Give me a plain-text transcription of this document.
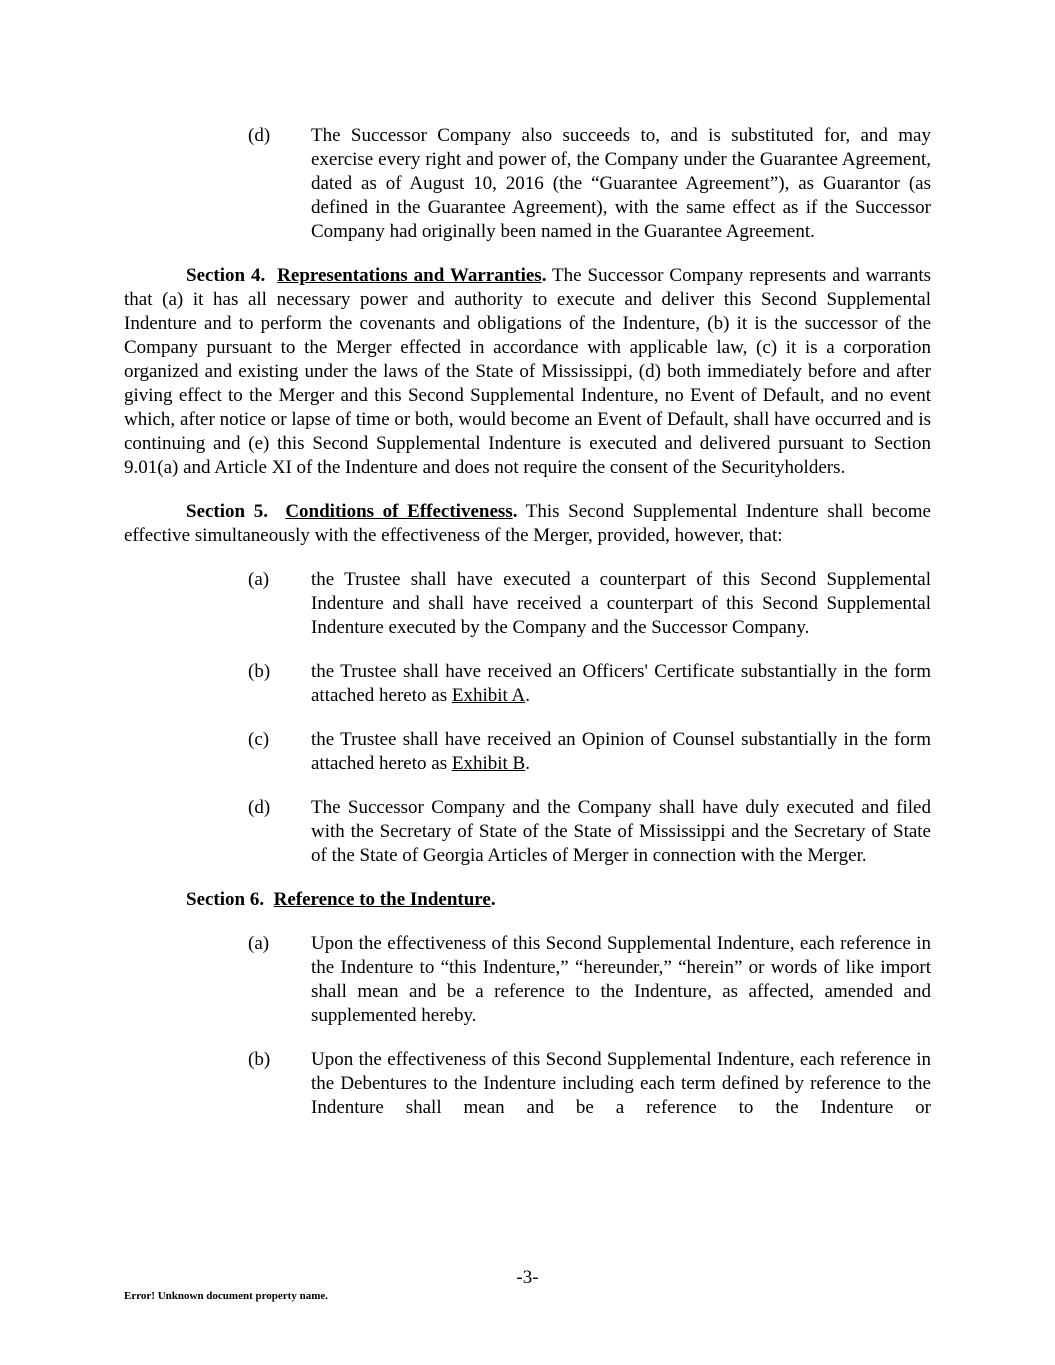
(d)	The Successor Company also succeeds to, and is substituted for, and may exercise every right and power of, the Company under the Guarantee Agreement, dated as of August 10, 2016 (the “Guarantee Agreement”), as Guarantor (as defined in the Guarantee Agreement), with the same effect as if the Successor Company had originally been named in the Guarantee Agreement.

Section 4. Representations and Warranties. The Successor Company represents and warrants that (a) it has all necessary power and authority to execute and deliver this Second Supplemental Indenture and to perform the covenants and obligations of the Indenture, (b) it is the successor of the Company pursuant to the Merger effected in accordance with applicable law, (c) it is a corporation organized and existing under the laws of the State of Mississippi, (d) both immediately before and after giving effect to the Merger and this Second Supplemental Indenture, no Event of Default, and no event which, after notice or lapse of time or both, would become an Event of Default, shall have occurred and is continuing and (e) this Second Supplemental Indenture is executed and delivered pursuant to Section 9.01(a) and Article XI of the Indenture and does not require the consent of the Securityholders.

Section 5. Conditions of Effectiveness. This Second Supplemental Indenture shall become effective simultaneously with the effectiveness of the Merger, provided, however, that:

(a)	the Trustee shall have executed a counterpart of this Second Supplemental Indenture and shall have received a counterpart of this Second Supplemental Indenture executed by the Company and the Successor Company.
(b)	the Trustee shall have received an Officers' Certificate substantially in the form attached hereto as Exhibit A.
(c)	the Trustee shall have received an Opinion of Counsel substantially in the form attached hereto as Exhibit B.
(d)	The Successor Company and the Company shall have duly executed and filed with the Secretary of State of the State of Mississippi and the Secretary of State of the State of Georgia Articles of Merger in connection with the Merger.

Section 6. Reference to the Indenture.

(a)	Upon the effectiveness of this Second Supplemental Indenture, each reference in the Indenture to “this Indenture,” “hereunder,” “herein” or words of like import shall mean and be a reference to the Indenture, as affected, amended and supplemented hereby.
(b)	Upon the effectiveness of this Second Supplemental Indenture, each reference in the Debentures to the Indenture including each term defined by reference to the Indenture shall mean and be a reference to the Indenture or
-3-
Error! Unknown document property name.
